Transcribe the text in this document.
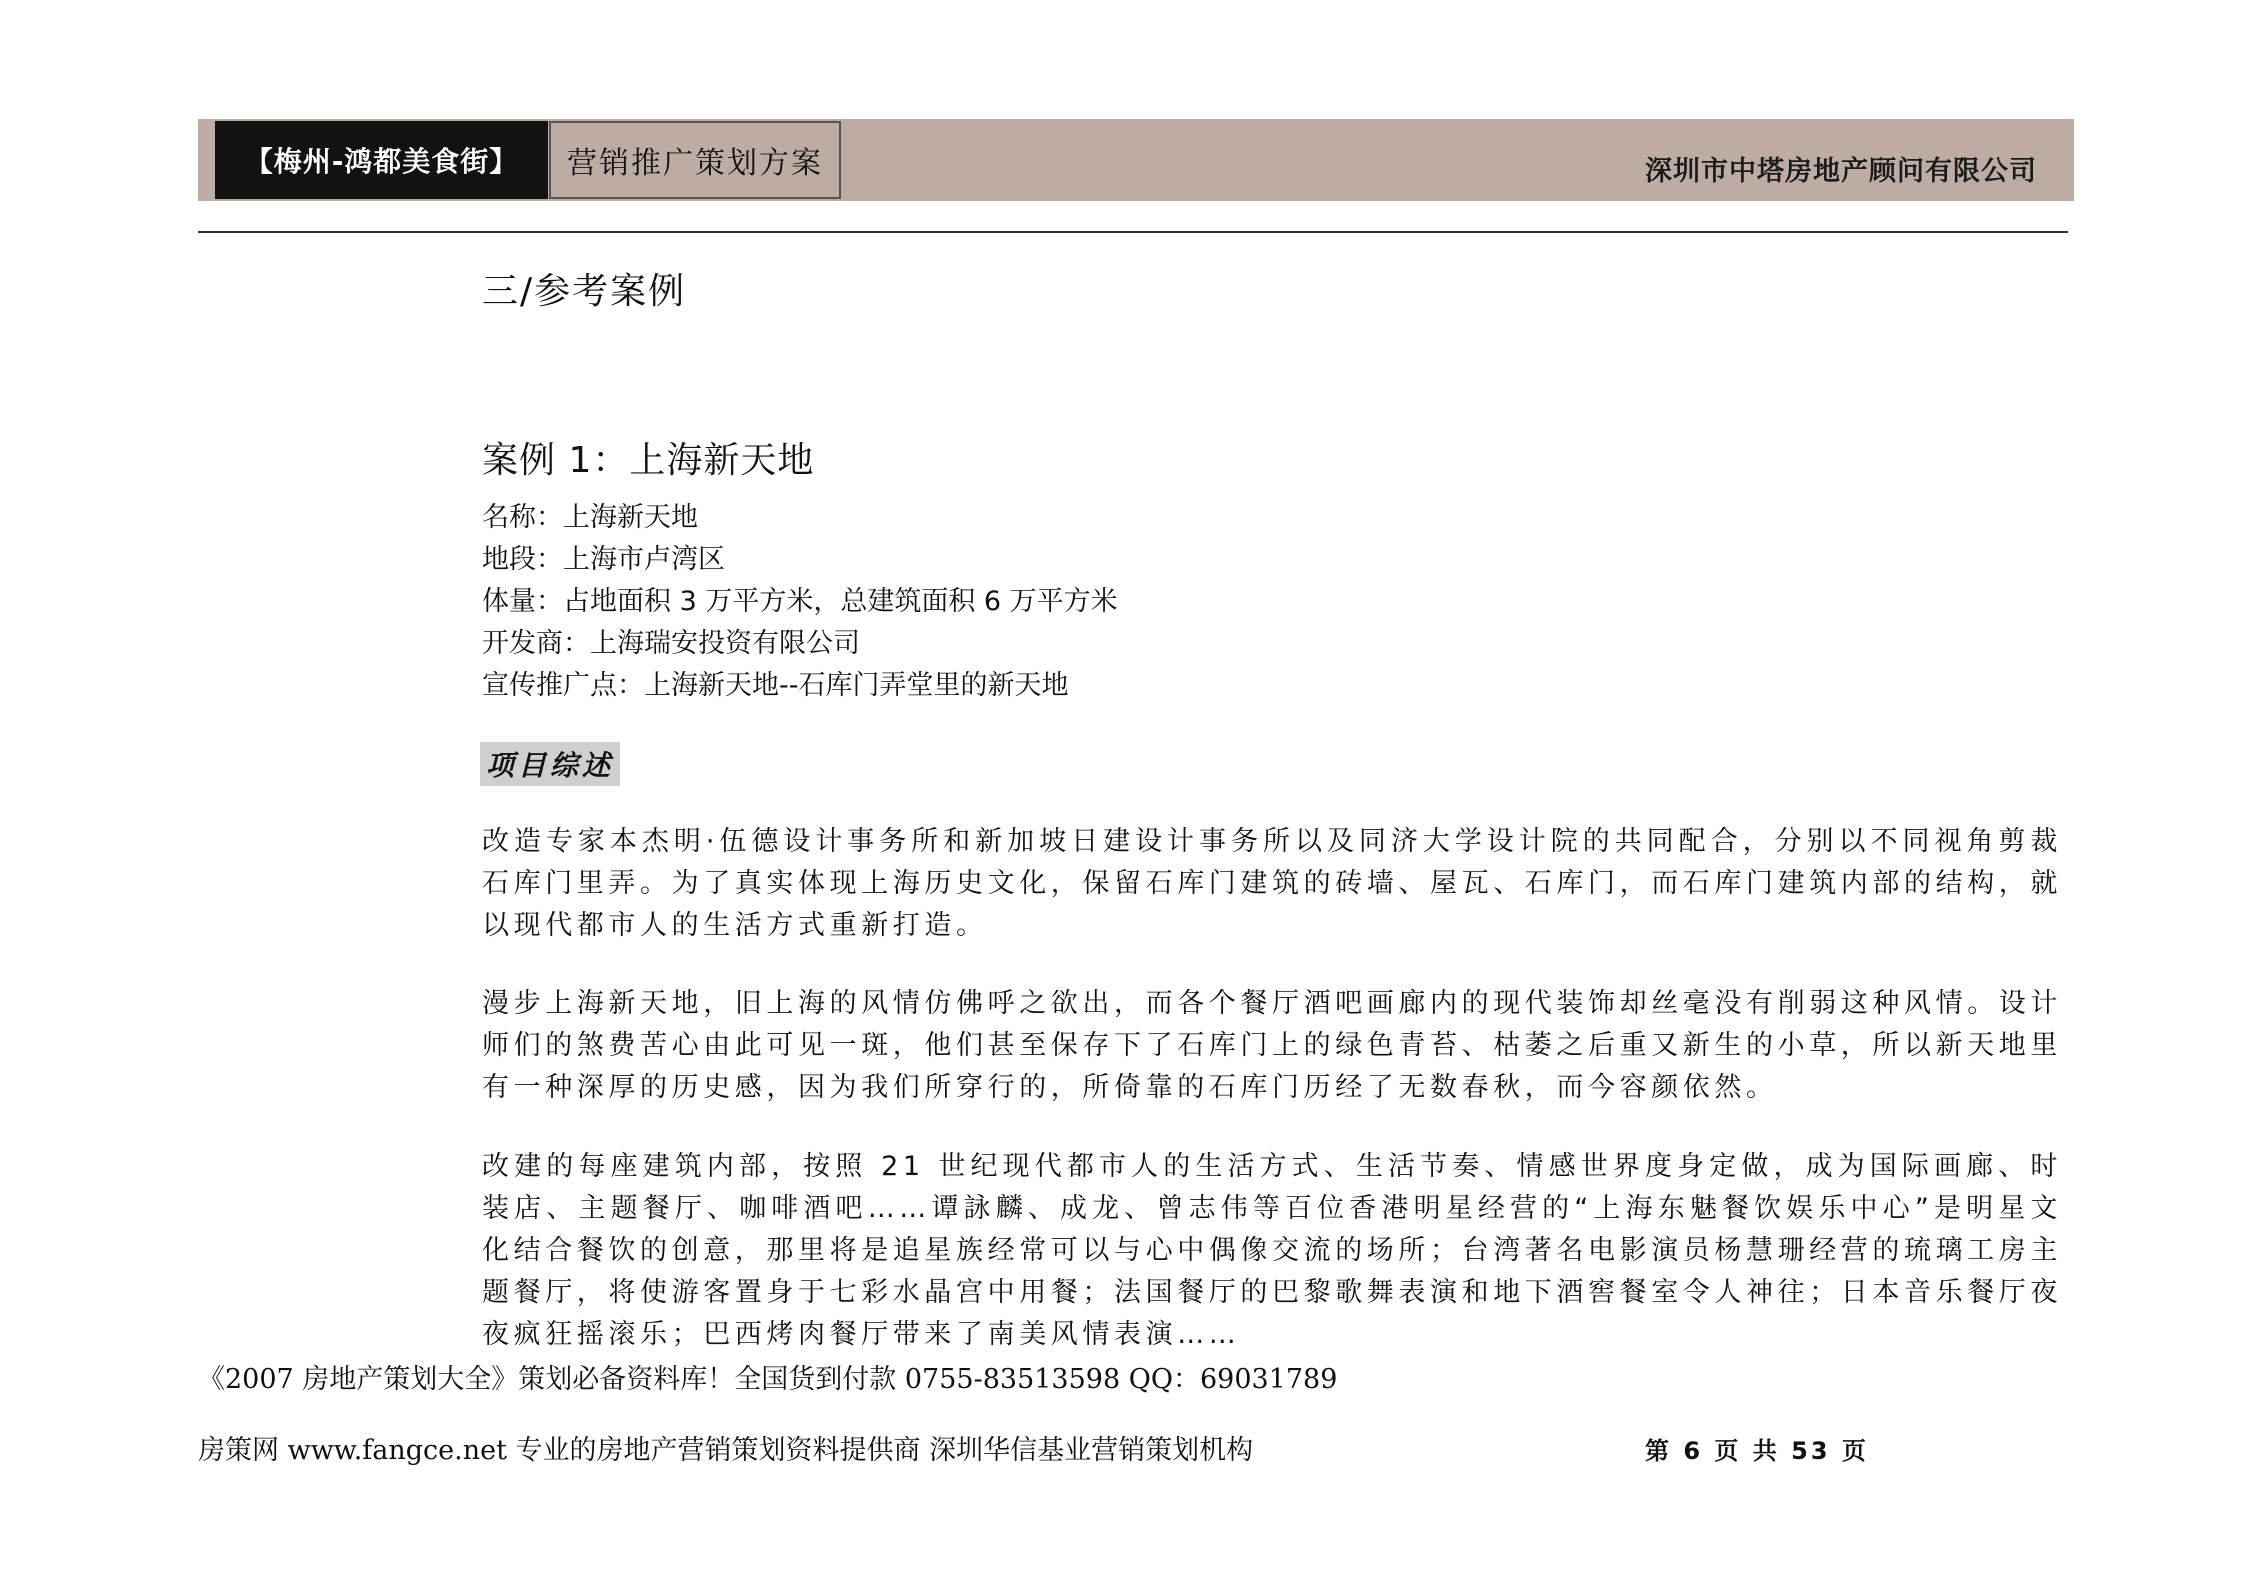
【梅州-鸿都美食街】	营销推广策划方案	深圳市中塔房地产顾问有限公司
三/参考案例
案例 1：上海新天地
名称：上海新天地
地段：上海市卢湾区
体量：占地面积 3 万平方米，总建筑面积 6 万平方米
开发商：上海瑞安投资有限公司
宣传推广点：上海新天地--石库门弄堂里的新天地
项目综述

改造专家本杰明·伍德设计事务所和新加坡日建设计事务所以及同济大学设计院的共同配合，分别以不同视角剪裁石库门里弄。为了真实体现上海历史文化，保留石库门建筑的砖墙、屋瓦、石库门，而石库门建筑内部的结构，就以现代都市人的生活方式重新打造。

漫步上海新天地，旧上海的风情仿佛呼之欲出，而各个餐厅酒吧画廊内的现代装饰却丝毫没有削弱这种风情。设计师们的煞费苦心由此可见一斑，他们甚至保存下了石库门上的绿色青苔、枯萎之后重又新生的小草，所以新天地里有一种深厚的历史感，因为我们所穿行的，所倚靠的石库门历经了无数春秋，而今容颜依然。

改建的每座建筑内部，按照 21 世纪现代都市人的生活方式、生活节奏、情感世界度身定做，成为国际画廊、时装店、主题餐厅、咖啡酒吧……谭詠麟、成龙、曾志伟等百位香港明星经营的“上海东魅餐饮娱乐中心”是明星文化结合餐饮的创意，那里将是追星族经常可以与心中偶像交流的场所；台湾著名电影演员杨慧珊经营的琉璃工房主题餐厅，将使游客置身于七彩水晶宫中用餐；法国餐厅的巴黎歌舞表演和地下酒窖餐室令人神往；日本音乐餐厅夜夜疯狂摇滚乐；巴西烤肉餐厅带来了南美风情表演……

《2007 房地产策划大全》策划必备资料库！全国货到付款 0755-83513598 QQ：69031789
房策网 www.fangce.net 专业的房地产营销策划资料提供商 深圳华信基业营销策划机构	第 6 页 共 53 页
